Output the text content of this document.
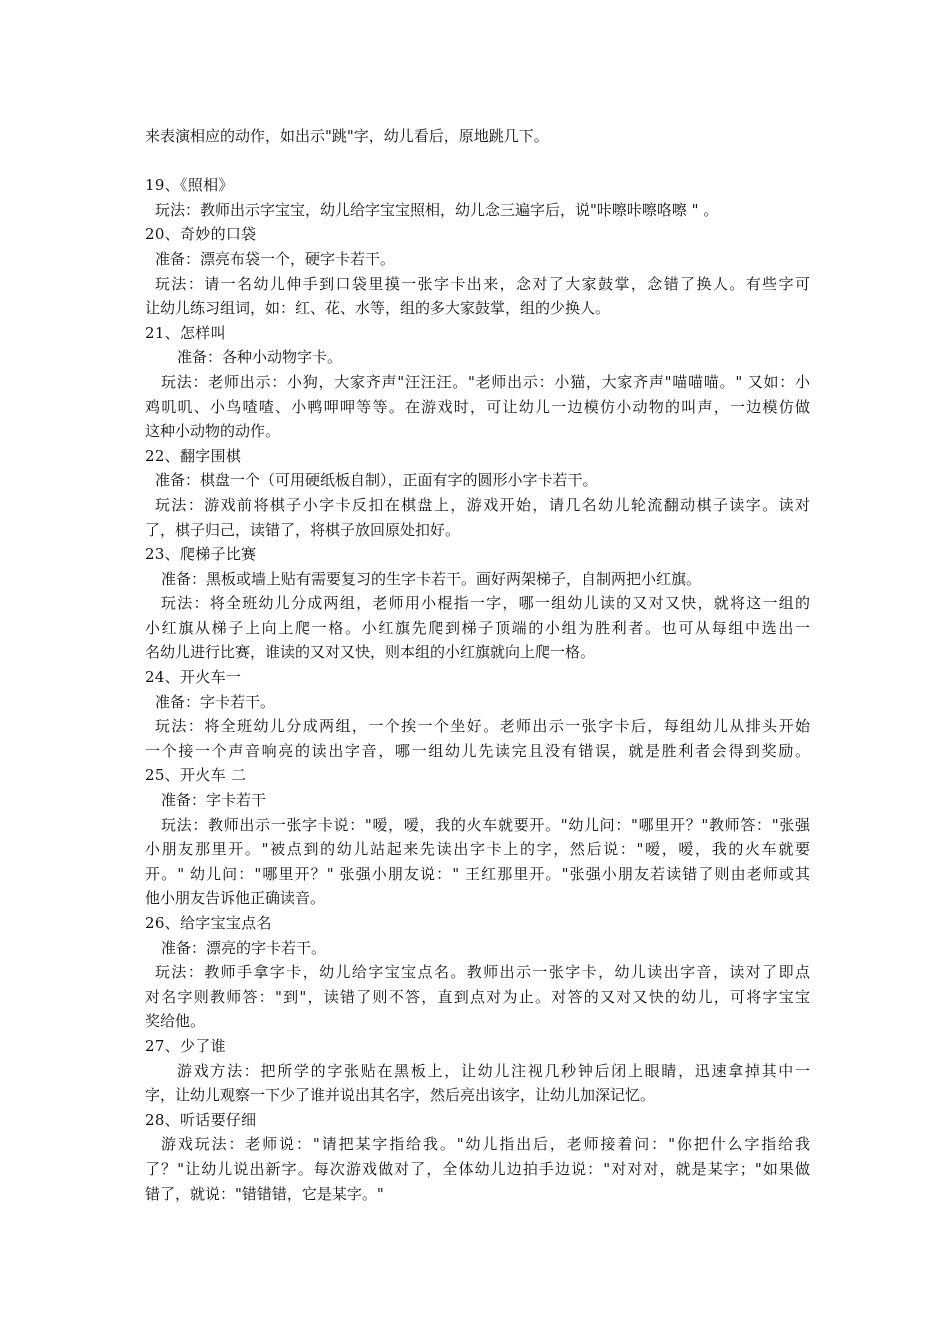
来表演相应的动作，如出示"跳"字，幼儿看后，原地跳几下。
19、《照相》
玩法：教师出示字宝宝，幼儿给字宝宝照相，幼儿念三遍字后，说"咔嚓咔嚓咯嚓 " 。
20、奇妙的口袋
准备：漂亮布袋一个，硬字卡若干。
玩法：请一名幼儿伸手到口袋里摸一张字卡出来，念对了大家鼓掌，念错了换人。有些字可
让幼儿练习组词，如：红、花、水等，组的多大家鼓掌，组的少换人。
21、怎样叫
准备：各种小动物字卡。
玩法：老师出示：小狗，大家齐声"汪汪汪。"老师出示：小猫，大家齐声"喵喵喵。" 又如：小
鸡叽叽、小鸟喳喳、小鸭呷呷等等。在游戏时，可让幼儿一边模仿小动物的叫声，一边模仿做
这种小动物的动作。
22、翻字围棋
准备：棋盘一个（可用硬纸板自制），正面有字的圆形小字卡若干。
玩法：游戏前将棋子小字卡反扣在棋盘上，游戏开始，请几名幼儿轮流翻动棋子读字。读对
了，棋子归己，读错了，将棋子放回原处扣好。
23、爬梯子比赛
准备：黑板或墙上贴有需要复习的生字卡若干。画好两架梯子，自制两把小红旗。
玩法：将全班幼儿分成两组，老师用小棍指一字，哪一组幼儿读的又对又快，就将这一组的
小红旗从梯子上向上爬一格。小红旗先爬到梯子顶端的小组为胜利者。也可从每组中选出一
名幼儿进行比赛，谁读的又对又快，则本组的小红旗就向上爬一格。
24、开火车一
准备：字卡若干。
玩法：将全班幼儿分成两组，一个挨一个坐好。老师出示一张字卡后，每组幼儿从排头开始
一个接一个声音响亮的读出字音，哪一组幼儿先读完且没有错误，就是胜利者会得到奖励。
25、开火车 二
准备：字卡若干
玩法：教师出示一张字卡说："嗳，嗳，我的火车就要开。"幼儿问："哪里开？"教师答："张强
小朋友那里开。"被点到的幼儿站起来先读出字卡上的字，然后说："嗳，嗳，我的火车就要
开。" 幼儿问："哪里开？" 张强小朋友说：" 王红那里开。"张强小朋友若读错了则由老师或其
他小朋友告诉他正确读音。
26、给字宝宝点名
准备：漂亮的字卡若干。
玩法：教师手拿字卡，幼儿给字宝宝点名。教师出示一张字卡，幼儿读出字音，读对了即点
对名字则教师答："到"，读错了则不答，直到点对为止。对答的又对又快的幼儿，可将字宝宝
奖给他。
27、少了谁
游戏方法：把所学的字张贴在黑板上，让幼儿注视几秒钟后闭上眼睛，迅速拿掉其中一
字，让幼儿观察一下少了谁并说出其名字，然后亮出该字，让幼儿加深记忆。
28、听话要仔细
游戏玩法：老师说："请把某字指给我。"幼儿指出后，老师接着问："你把什么字指给我
了？"让幼儿说出新字。每次游戏做对了，全体幼儿边拍手边说："对对对，就是某字；"如果做
错了，就说："错错错，它是某字。"
